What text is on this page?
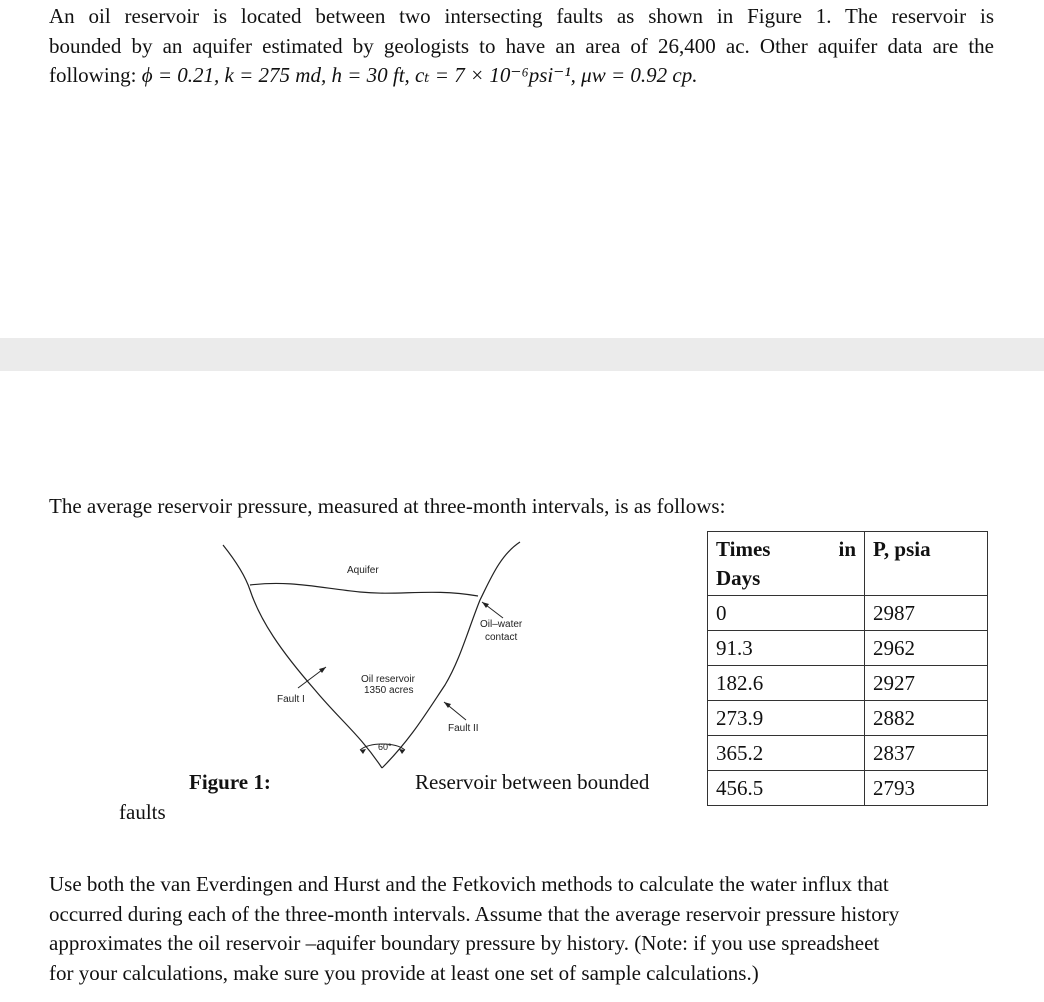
An oil reservoir is located between two intersecting faults as shown in Figure 1. The reservoir is
bounded by an aquifer estimated by geologists to have an area of 26,400 ac. Other aquifer data are the
following: ϕ = 0.21, k = 275 md, h = 30 ft, cₜ = 7 × 10⁻⁶psi⁻¹, μw = 0.92 cp.

The average reservoir pressure, measured at three-month intervals, is as follows:

Aquifer
Oil–water
contact
Oil reservoir
1350 acres
Fault I
Fault II
60°

Figure 1:	Reservoir between bounded

faults

Times in
Days	P, psia
0	2987
91.3	2962
182.6	2927
273.9	2882
365.2	2837
456.5	2793

Use both the van Everdingen and Hurst and the Fetkovich methods to calculate the water influx that
occurred during each of the three-month intervals. Assume that the average reservoir pressure history
approximates the oil reservoir –aquifer boundary pressure by history. (Note: if you use spreadsheet
for your calculations, make sure you provide at least one set of sample calculations.)
